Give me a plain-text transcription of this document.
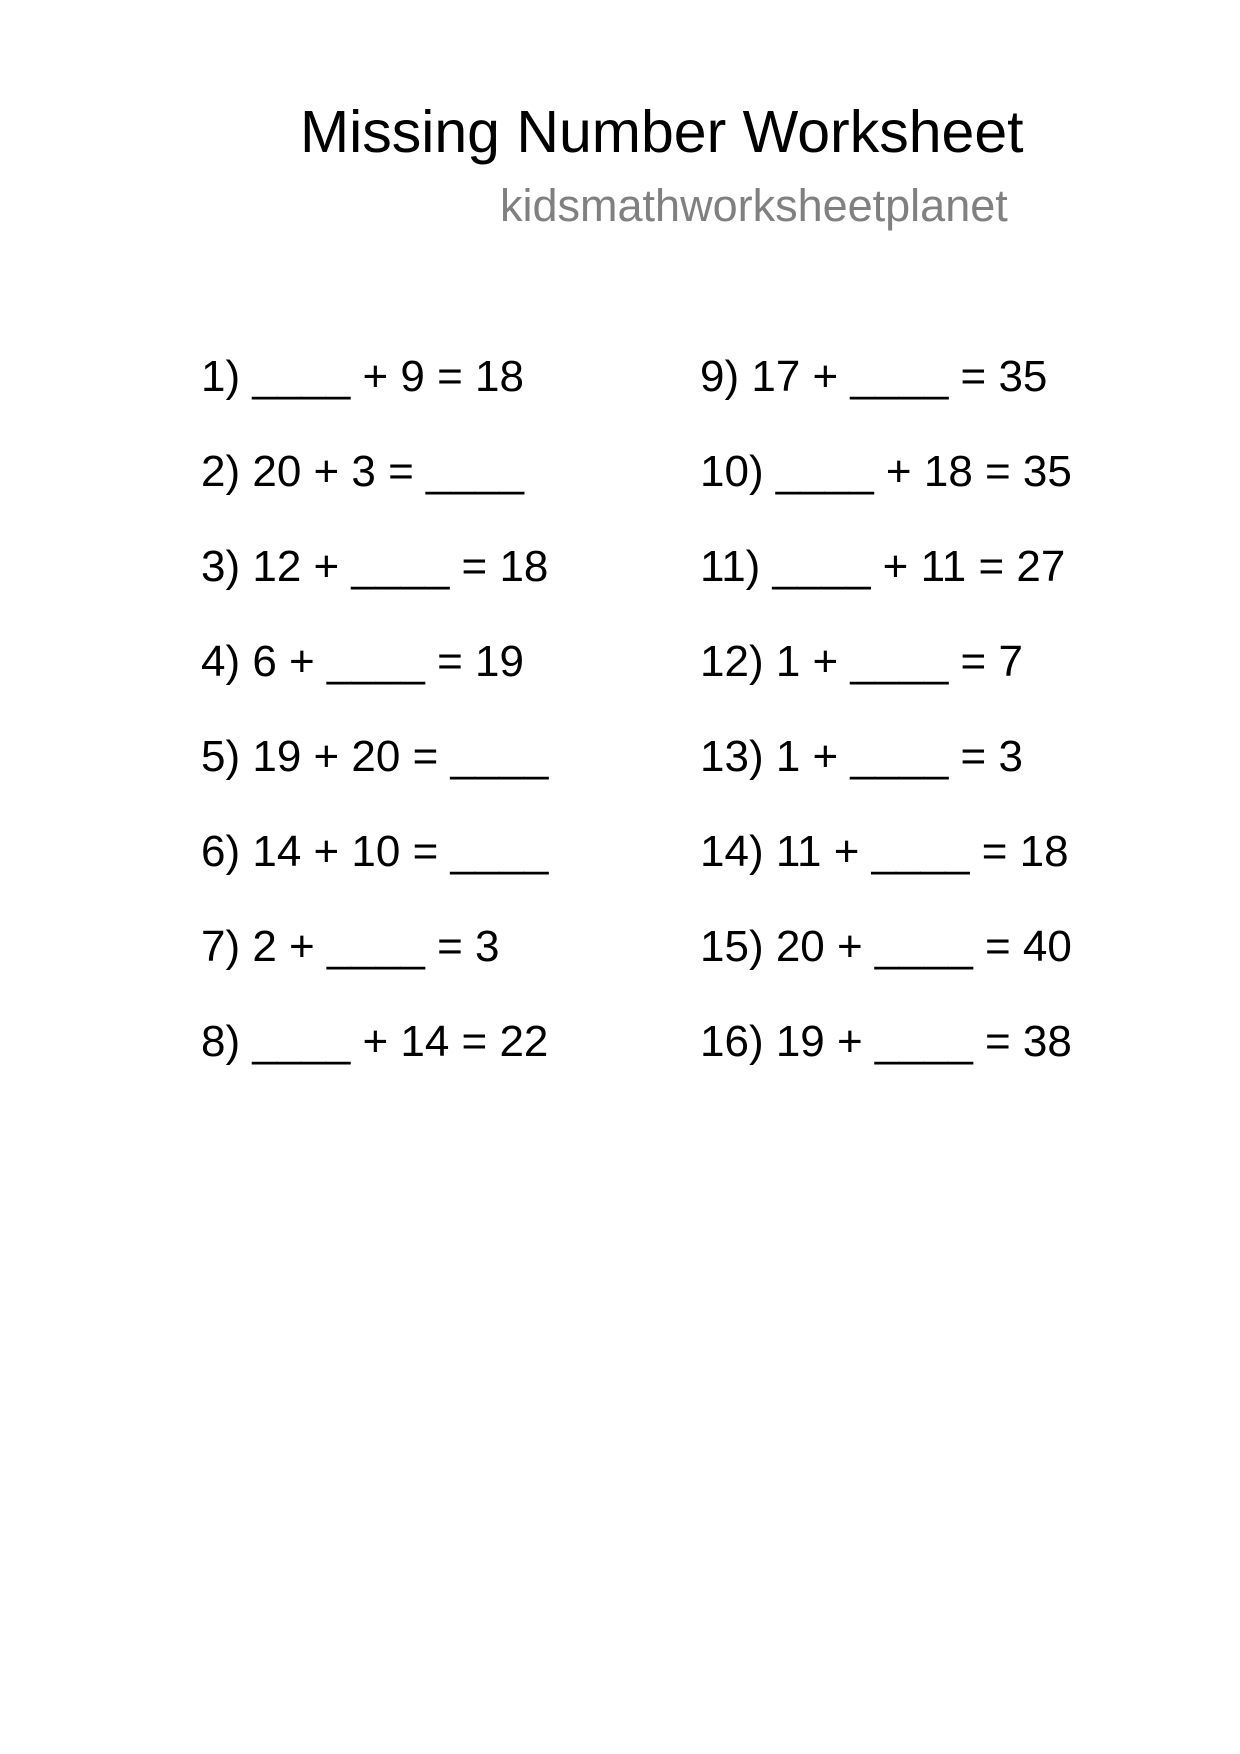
Missing Number Worksheet
kidsmathworksheetplanet
1) ____ + 9 = 18
2) 20 + 3 = ____
3) 12 + ____ = 18
4) 6 + ____ = 19
5) 19 + 20 = ____
6) 14 + 10 = ____
7) 2 + ____ = 3
8) ____ + 14 = 22
9) 17 + ____ = 35
10) ____ + 18 = 35
11) ____ + 11 = 27
12) 1 + ____ = 7
13) 1 + ____ = 3
14) 11 + ____ = 18
15) 20 + ____ = 40
16) 19 + ____ = 38
